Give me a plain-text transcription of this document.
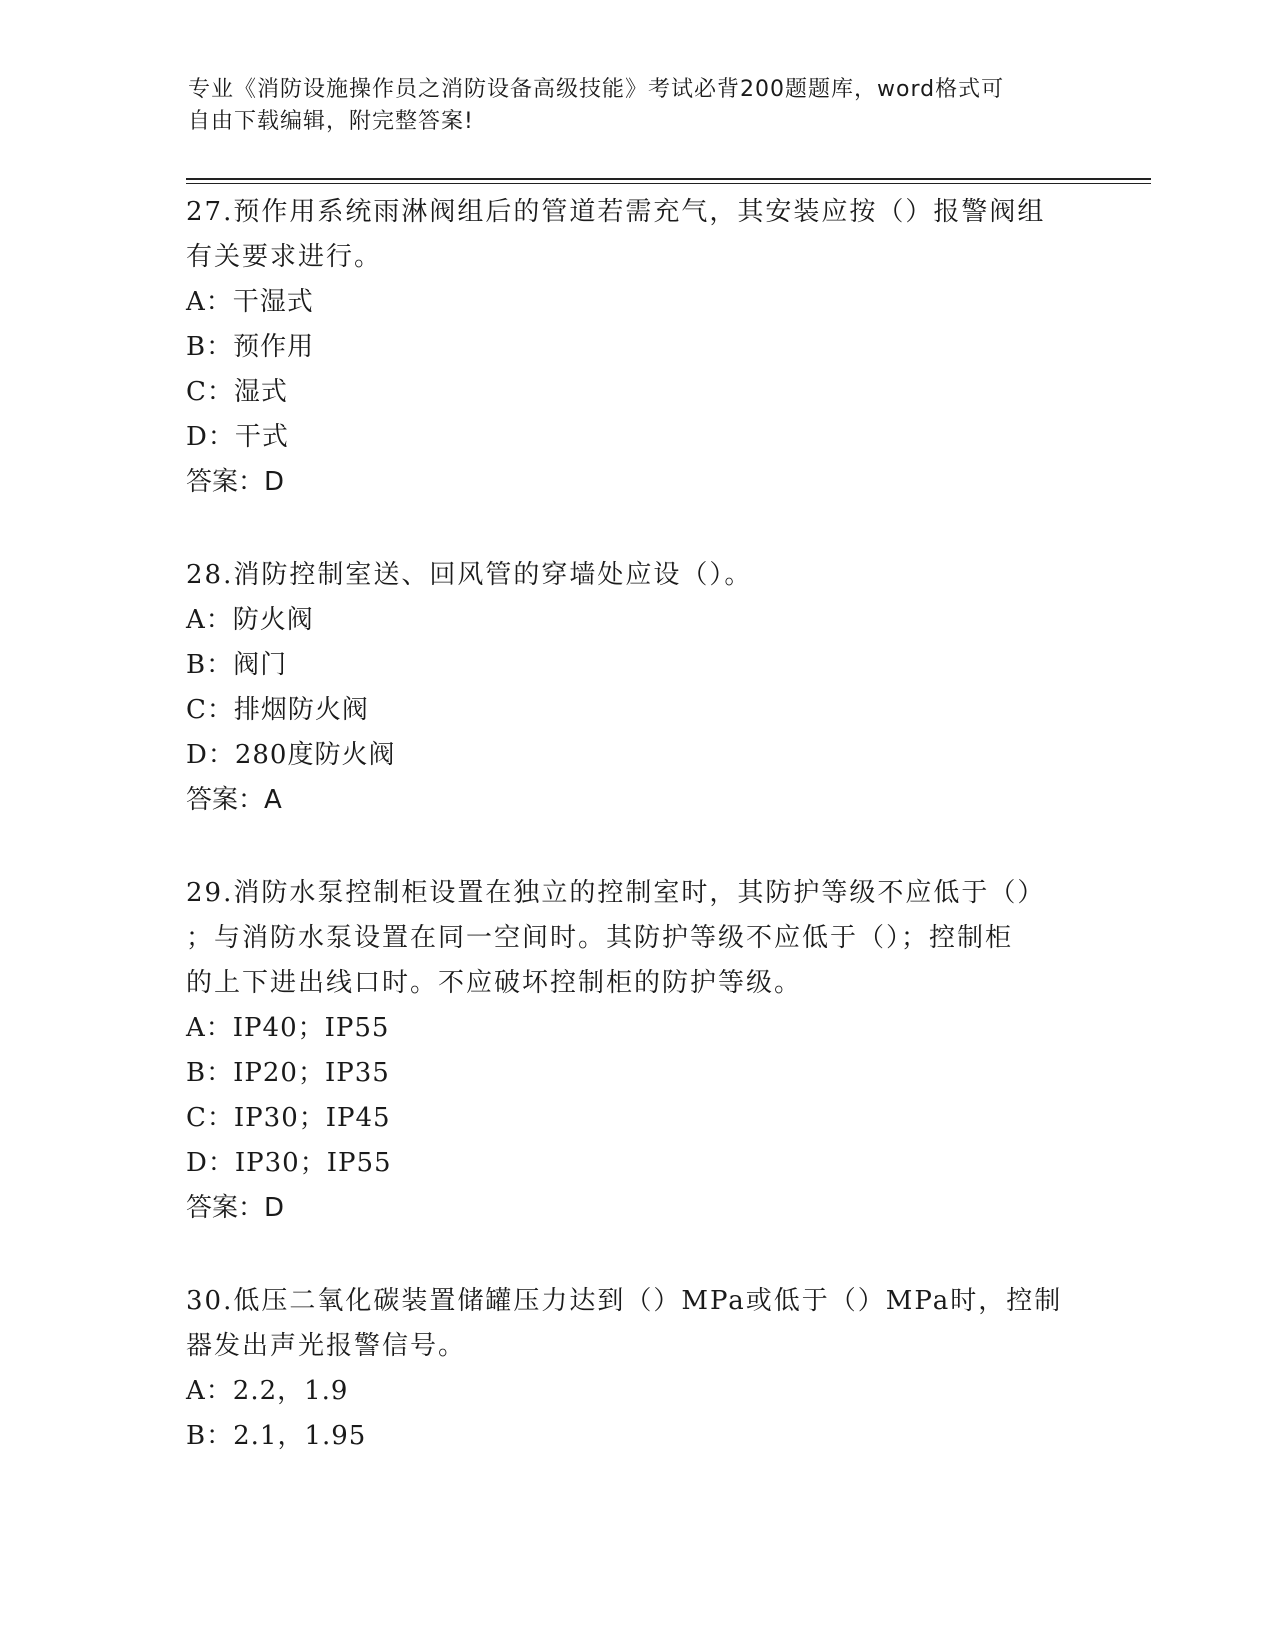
专业《消防设施操作员之消防设备高级技能》考试必背200题题库，word格式可
自由下载编辑，附完整答案!
27.预作用系统雨淋阀组后的管道若需充气，其安装应按（）报警阀组
有关要求进行。
A：干湿式
B：预作用
C：湿式
D：干式
答案：D
28.消防控制室送、回风管的穿墙处应设（）。
A：防火阀
B：阀门
C：排烟防火阀
D：280度防火阀
答案：A
29.消防水泵控制柜设置在独立的控制室时，其防护等级不应低于（）
；与消防水泵设置在同一空间时。其防护等级不应低于（）；控制柜
的上下进出线口时。不应破坏控制柜的防护等级。
A：IP40；IP55
B：IP20；IP35
C：IP30；IP45
D：IP30；IP55
答案：D
30.低压二氧化碳装置储罐压力达到（）MPa或低于（）MPa时，控制
器发出声光报警信号。
A：2.2，1.9
B：2.1，1.95
